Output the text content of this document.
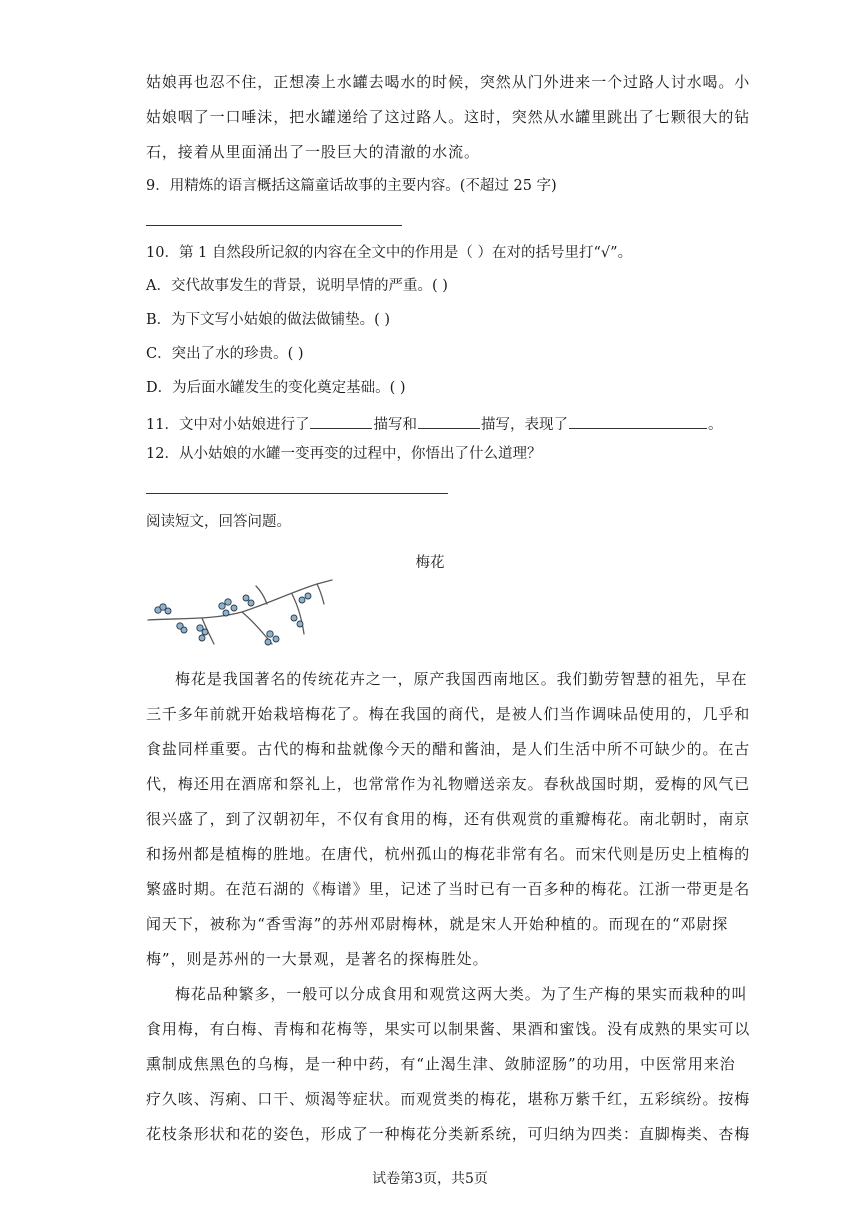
姑娘再也忍不住，正想凑上水罐去喝水的时候，突然从门外进来一个过路人讨水喝。小
姑娘咽了一口唾沫，把水罐递给了这过路人。这时，突然从水罐里跳出了七颗很大的钻
石，接着从里面涌出了一股巨大的清澈的水流。
9．用精炼的语言概括这篇童话故事的主要内容。(不超过 25 字)
10．第 1 自然段所记叙的内容在全文中的作用是（ ）在对的括号里打“√”。
A．交代故事发生的背景，说明旱情的严重。( )
B．为下文写小姑娘的做法做铺垫。( )
C．突出了水的珍贵。( )
D．为后面水罐发生的变化奠定基础。( )
11．文中对小姑娘进行了	描写和	描写，表现了	。
12．从小姑娘的水罐一变再变的过程中，你悟出了什么道理？
阅读短文，回答问题。
梅花
梅花是我国著名的传统花卉之一，原产我国西南地区。我们勤劳智慧的祖先，早在
三千多年前就开始栽培梅花了。梅在我国的商代，是被人们当作调味品使用的，几乎和
食盐同样重要。古代的梅和盐就像今天的醋和酱油，是人们生活中所不可缺少的。在古
代，梅还用在酒席和祭礼上，也常常作为礼物赠送亲友。春秋战国时期，爱梅的风气已
很兴盛了，到了汉朝初年，不仅有食用的梅，还有供观赏的重瓣梅花。南北朝时，南京
和扬州都是植梅的胜地。在唐代，杭州孤山的梅花非常有名。而宋代则是历史上植梅的
繁盛时期。在范石湖的《梅谱》里，记述了当时已有一百多种的梅花。江浙一带更是名
闻天下，被称为“香雪海”的苏州邓尉梅林，就是宋人开始种植的。而现在的“邓尉探
梅”，则是苏州的一大景观，是著名的探梅胜处。
梅花品种繁多，一般可以分成食用和观赏这两大类。为了生产梅的果实而栽种的叫
食用梅，有白梅、青梅和花梅等，果实可以制果酱、果酒和蜜饯。没有成熟的果实可以
熏制成焦黑色的乌梅，是一种中药，有“止渴生津、敛肺涩肠”的功用，中医常用来治
疗久咳、泻痢、口干、烦渴等症状。而观赏类的梅花，堪称万紫千红，五彩缤纷。按梅
花枝条形状和花的姿色，形成了一种梅花分类新系统，可归纳为四类：直脚梅类、杏梅
试卷第3页，共5页
